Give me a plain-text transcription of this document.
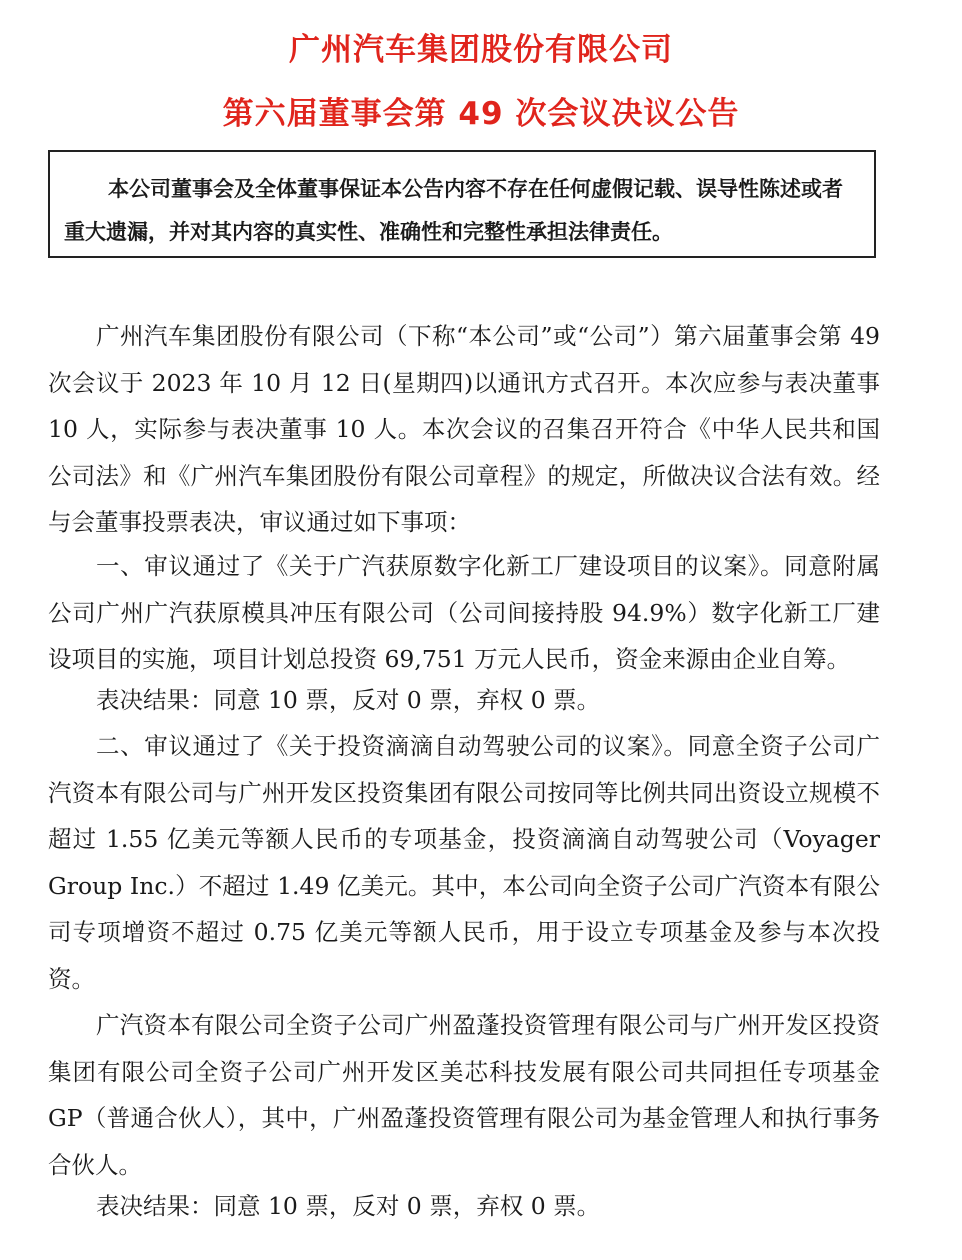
广州汽车集团股份有限公司
第六届董事会第 49 次会议决议公告
本公司董事会及全体董事保证本公告内容不存在任何虚假记载、误导性陈述或者重大遗漏，并对其内容的真实性、准确性和完整性承担法律责任。

广州汽车集团股份有限公司（下称“本公司”或“公司”）第六届董事会第 49 次会议于 2023 年 10 月 12 日(星期四)以通讯方式召开。本次应参与表决董事 10 人，实际参与表决董事 10 人。本次会议的召集召开符合《中华人民共和国公司法》和《广州汽车集团股份有限公司章程》的规定，所做决议合法有效。经与会董事投票表决，审议通过如下事项：

一、审议通过了《关于广汽获原数字化新工厂建设项目的议案》。同意附属公司广州广汽获原模具冲压有限公司（公司间接持股 94.9%）数字化新工厂建设项目的实施，项目计划总投资 69,751 万元人民币，资金来源由企业自筹。

表决结果：同意 10 票，反对 0 票，弃权 0 票。

二、审议通过了《关于投资滴滴自动驾驶公司的议案》。同意全资子公司广汽资本有限公司与广州开发区投资集团有限公司按同等比例共同出资设立规模不超过 1.55 亿美元等额人民币的专项基金，投资滴滴自动驾驶公司（Voyager Group Inc.）不超过 1.49 亿美元。其中，本公司向全资子公司广汽资本有限公司专项增资不超过 0.75 亿美元等额人民币，用于设立专项基金及参与本次投资。

广汽资本有限公司全资子公司广州盈蓬投资管理有限公司与广州开发区投资集团有限公司全资子公司广州开发区美芯科技发展有限公司共同担任专项基金 GP（普通合伙人），其中，广州盈蓬投资管理有限公司为基金管理人和执行事务合伙人。

表决结果：同意 10 票，反对 0 票，弃权 0 票。
